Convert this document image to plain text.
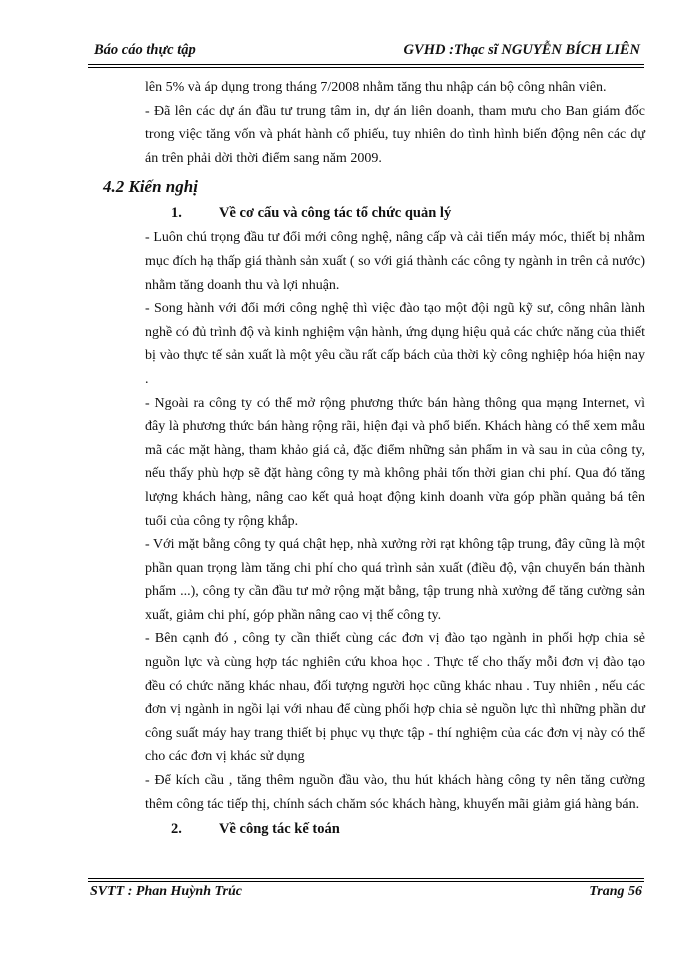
Báo cáo thực tập	GVHD :Thạc sĩ NGUYỄN BÍCH LIÊN

lên 5% và áp dụng trong tháng 7/2008 nhằm tăng thu nhập cán bộ công nhân viên.

- Đã lên các dự án đầu tư trung tâm in, dự án liên doanh, tham mưu cho Ban giám đốc trong việc tăng vốn và phát hành cổ phiếu, tuy nhiên do tình hình biến động nên các dự án trên phải dời thời điểm sang năm 2009.

4.2 Kiến nghị
1.	Về cơ cấu và công tác tổ chức quản lý

- Luôn chú trọng đầu tư đổi mới công nghệ, nâng cấp và cải tiến máy móc, thiết bị nhằm mục đích hạ thấp giá thành sản xuất ( so với giá thành các công ty ngành in trên cả nước) nhằm tăng doanh thu và lợi nhuận.

- Song hành với đổi mới công nghệ thì việc đào tạo một đội ngũ kỹ sư, công nhân lành nghề có đủ trình độ và kinh nghiệm vận hành, ứng dụng hiệu quả các chức năng của thiết bị vào thực tế sản xuất là một yêu cầu rất cấp bách của thời kỳ công nghiệp hóa hiện nay .

- Ngoài ra công ty có thể mở rộng phương thức bán hàng thông qua mạng Internet, vì đây là phương thức bán hàng rộng rãi, hiện đại và phổ biến. Khách hàng có thể xem mẫu mã các mặt hàng, tham khảo giá cả, đặc điểm những sản phẩm in và sau in của công ty, nếu thấy phù hợp sẽ đặt hàng công ty mà không phải tốn thời gian chi phí. Qua đó tăng lượng khách hàng, nâng cao kết quả hoạt động kinh doanh vừa góp phần quảng bá tên tuổi của công ty rộng khắp.

- Với mặt bằng công ty quá chật hẹp, nhà xưởng rời rạt không tập trung, đây cũng là một phần quan trọng làm tăng chi phí cho quá trình sản xuất (điều độ, vận chuyển bán thành phẩm ...), công ty cần đầu tư mở rộng mặt bằng, tập trung nhà xưởng để tăng cường sản xuất, giảm chi phí, góp phần nâng cao vị thế công ty.

- Bên cạnh đó , công ty cần thiết cùng các đơn vị đào tạo ngành in phối hợp chia sẻ nguồn lực và cùng hợp tác nghiên cứu khoa học . Thực tế cho thấy mỗi đơn vị đào tạo đều có chức năng khác nhau, đối tượng người học cũng khác nhau . Tuy nhiên , nếu các đơn vị ngành in ngồi lại với nhau để cùng phối hợp chia sẻ nguồn lực thì những phần dư công suất máy hay trang thiết bị phục vụ thực tập - thí nghiệm của các đơn vị này có thể cho các đơn vị khác sử dụng

- Để kích cầu , tăng thêm nguồn đầu vào, thu hút khách hàng công ty nên tăng cường thêm công tác tiếp thị, chính sách chăm sóc khách hàng, khuyến mãi giảm giá hàng bán.

2.	Về công tác kế toán
SVTT : Phan Huỳnh Trúc	Trang 56
